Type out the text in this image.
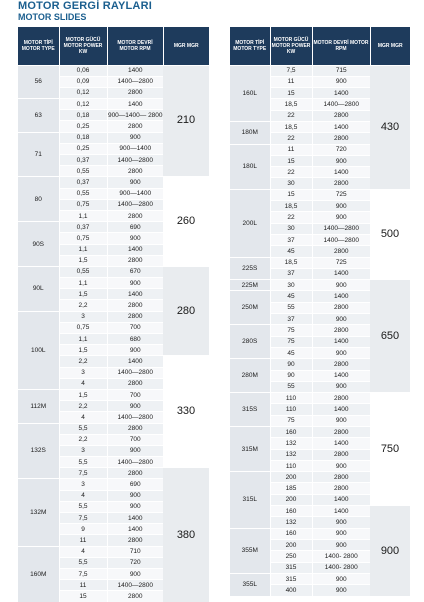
MOTOR GERGİ RAYLARI
MOTOR SLIDES
MOTOR TİPİ MOTOR TYPE	MOTOR GÜCÜ MOTOR POWER KW	MOTOR DEVRİ MOTOR RPM	MGR MGR
56	0,06	1400	210
	0,09	1400—2800	
	0,12	2800	
63	0,12	1400	
	0,18	900—1400— 2800	
	0,25	2800	
71	0,18	900	
	0,25	900—1400	
	0,37	1400—2800	
	0,55	2800	
80	0,37	900	260
	0,55	900—1400	
	0,75	1400—2800	
	1,1	2800	
90S	0,37	690	
	0,75	900	
	1,1	1400	
	1,5	2800	
90L	0,55	670	280
	1,1	900	
	1,5	1400	
	2,2	2800	
100L	3	2800	
	0,75	700	
	1,1	680	
	1,5	900	
	2,2	1400	330
	3	1400—2800	
	4	2800	
112M	1,5	700	
	2,2	900	
	4	1400—2800	
132S	5,5	2800	
	2,2	700	
	3	900	
	5,5	1400—2800	
	7,5	2800	380
132M	3	690	
	4	900	
	5,5	900	
	7,5	1400	
	9	1400	
	11	2800	
160M	4	710	
	5,5	720	
	7,5	900	
	11	1400—2800	
	15	2800	
MOTOR TİPİ MOTOR TYPE	MOTOR GÜCÜ MOTOR POWER KW	MOTOR DEVRİ MOTOR RPM	MGR MGR
160L	7,5	715	430
	11	900	
	15	1400	
	18,5	1400—2800	
	22	2800	
180M	18,5	1400	
	22	2800	
180L	11	720	
	15	900	
	22	1400	
	30	2800	
200L	15	725	500
	18,5	900	
	22	900	
	30	1400—2800	
	37	1400—2800	
	45	2800	
225S	18,5	725	
	37	1400	
225M	30	900	650
250M	45	1400	
	55	2800	
	37	900	
280S	75	2800	
	75	1400	
	45	900	
280M	90	2800	
	90	1400	
	55	900	
315S	110	2800	750
	110	1400	
	75	900	
315M	160	2800	
	132	1400	
	132	2800	
	110	900	
315L	200	2800	
	185	2800	
	200	1400	
	160	1400	900
	132	900	
355M	160	900	
	200	900	
	250	1400- 2800	
	315	1400- 2800	
355L	315	900	
	400	900	
